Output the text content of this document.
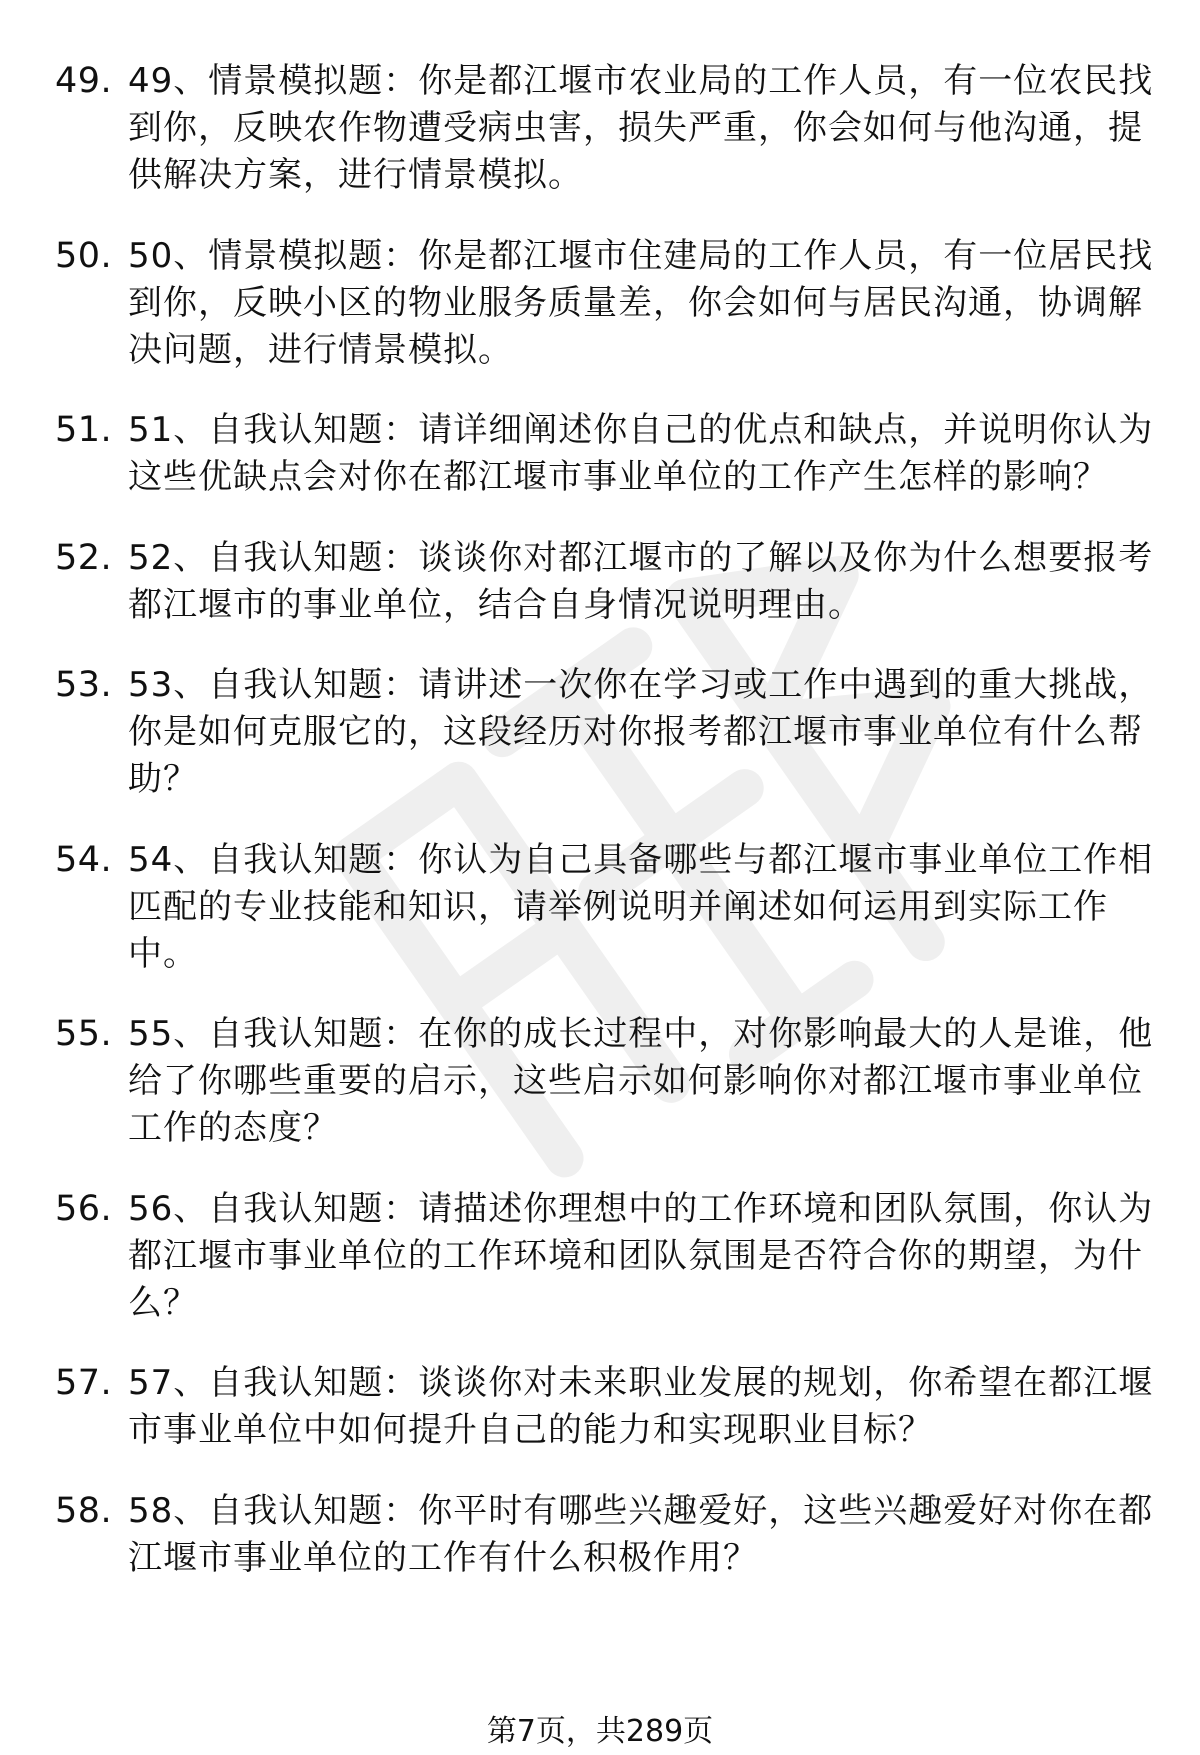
49. 49、情景模拟题：你是都江堰市农业局的工作人员，有一位农民找到你，反映农作物遭受病虫害，损失严重，你会如何与他沟通，提供解决方案，进行情景模拟。
50. 50、情景模拟题：你是都江堰市住建局的工作人员，有一位居民找到你，反映小区的物业服务质量差，你会如何与居民沟通，协调解决问题，进行情景模拟。
51. 51、自我认知题：请详细阐述你自己的优点和缺点，并说明你认为这些优缺点会对你在都江堰市事业单位的工作产生怎样的影响？
52. 52、自我认知题：谈谈你对都江堰市的了解以及你为什么想要报考都江堰市的事业单位，结合自身情况说明理由。
53. 53、自我认知题：请讲述一次你在学习或工作中遇到的重大挑战，你是如何克服它的，这段经历对你报考都江堰市事业单位有什么帮助？
54. 54、自我认知题：你认为自己具备哪些与都江堰市事业单位工作相匹配的专业技能和知识，请举例说明并阐述如何运用到实际工作中。
55. 55、自我认知题：在你的成长过程中，对你影响最大的人是谁，他给了你哪些重要的启示，这些启示如何影响你对都江堰市事业单位工作的态度？
56. 56、自我认知题：请描述你理想中的工作环境和团队氛围，你认为都江堰市事业单位的工作环境和团队氛围是否符合你的期望，为什么？
57. 57、自我认知题：谈谈你对未来职业发展的规划，你希望在都江堰市事业单位中如何提升自己的能力和实现职业目标？
58. 58、自我认知题：你平时有哪些兴趣爱好，这些兴趣爱好对你在都江堰市事业单位的工作有什么积极作用？
第7页，共289页
